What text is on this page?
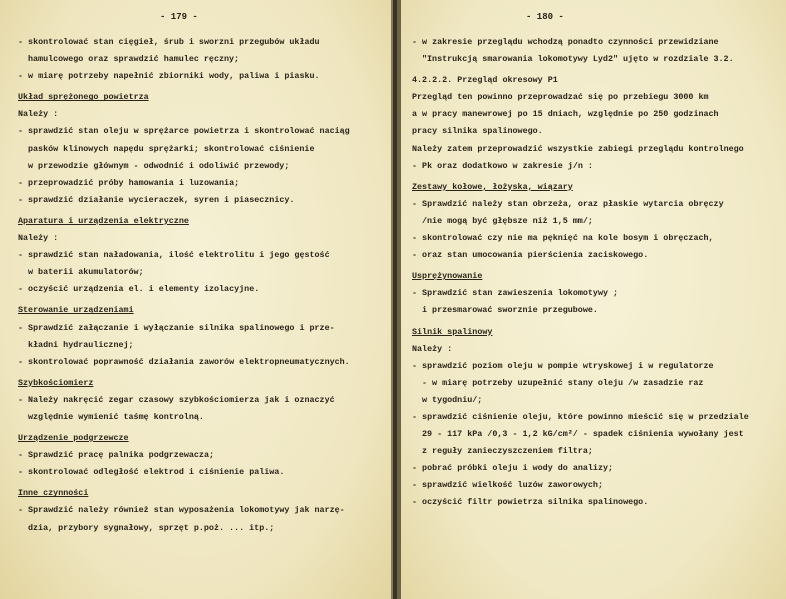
- 179 -
- skontrolować stan cięgieł, śrub i sworzni przegubów układu
hamulcowego oraz sprawdzić hamulec ręczny;
- w miarę potrzeby napełnić zbiorniki wody, paliwa i piasku.
Układ sprężonego powietrza
Należy :
- sprawdzić stan oleju w sprężarce powietrza i skontrolować naciąg
pasków klinowych napędu sprężarki; skontrolować ciśnienie
w przewodzie głównym - odwodnić i odoliwić przewody;
- przeprowadzić próby hamowania i luzowania;
- sprawdzić działanie wycieraczek, syren i piasecznicy.
Aparatura i urządzenia elektryczne
Należy :
- sprawdzić stan naładowania, ilość elektrolitu i jego gęstość
w baterii akumulatorów;
- oczyścić urządzenia el. i elementy izolacyjne.
Sterowanie urządzeniami
- Sprawdzić załączanie i wyłączanie silnika spalinowego i prze-
kładni hydraulicznej;
- skontrolować poprawność działania zaworów elektropneumatycznych.
Szybkościomierz
- Należy nakręcić zegar czasowy szybkościomierza jak i oznaczyć
względnie wymienić taśmę kontrolną.
Urządzenie podgrzewcze
- Sprawdzić pracę palnika podgrzewacza;
- skontrolować odległość elektrod i ciśnienie paliwa.
Inne czynności
- Sprawdzić należy również stan wyposażenia lokomotywy jak narzę-
dzia, przybory sygnałowy, sprzęt p.poż. ... itp.;
- 180 -
- w zakresie przeglądu wchodzą ponadto czynności przewidziane
"Instrukcją smarowania lokomotywy Lyd2" ujęto w rozdziale 3.2.
4.2.2.2. Przegląd okresowy P1
Przegląd ten powinno przeprowadzać się po przebiegu 3000 km
a w pracy manewrowej po 15 dniach, względnie po 250 godzinach
pracy silnika spalinowego.
Należy zatem przeprowadzić wszystkie zabiegi przeglądu kontrolnego
- Pk oraz dodatkowo w zakresie j/n :
Zestawy kołowe, łożyska, wiązary
- Sprawdzić należy stan obrzeża, oraz płaskie wytarcia obręczy
/nie mogą być głębsze niż 1,5 mm/;
- skontrolować czy nie ma pęknięć na kole bosym i obręczach,
- oraz stan umocowania pierścienia zaciskowego.
Usprężynowanie
- Sprawdzić stan zawieszenia lokomotywy ;
i przesmarować sworznie przegubowe.
Silnik spalinowy
Należy :
- sprawdzić poziom oleju w pompie wtryskowej i w regulatorze
- w miarę potrzeby uzupełnić stany oleju /w zasadzie raz
w tygodniu/;
- sprawdzić ciśnienie oleju, które powinno mieścić się w przedziale
29 - 117 kPa /0,3 - 1,2 kG/cm²/ - spadek ciśnienia wywołany jest
z reguły zanieczyszczeniem filtra;
- pobrać próbki oleju i wody do analizy;
- sprawdzić wielkość luzów zaworowych;
- oczyścić filtr powietrza silnika spalinowego.
